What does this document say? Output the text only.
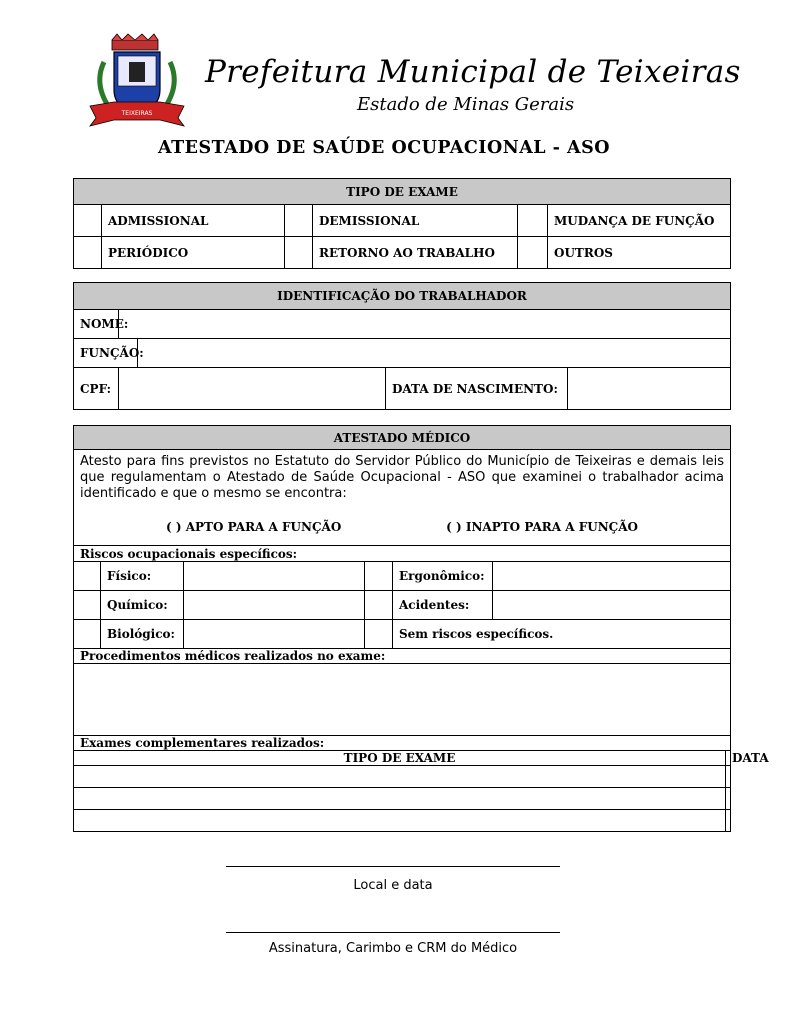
TEIXEIRAS
Prefeitura Municipal de Teixeiras
Estado de Minas Gerais
ATESTADO DE SAÚDE OCUPACIONAL - ASO
TIPO DE EXAME					
	ADMISSIONAL		DEMISSIONAL		MUDANÇA DE FUNÇÃO
	PERIÓDICO		RETORNO AO TRABALHO		OUTROS
IDENTIFICAÇÃO DO TRABALHADOR				
NOME:				
FUNÇÃO:				
CPF:			DATA DE NASCIMENTO:	
ATESTADO MÉDICO						

Atesto para fins previstos no Estatuto do Servidor Público do Município de Teixeiras e demais leis que regulamentam o Atestado de Saúde Ocupacional - ASO que examinei o trabalhador acima identificado e que o mesmo se encontra:
( ) APTO PARA A FUNÇÃO ( ) INAPTO PARA A FUNÇÃO						

Riscos ocupacionais específicos:						
	Físico:			Ergonômico:		
	Químico:			Acidentes:		
	Biológico:			Sem riscos específicos.		
Procedimentos médicos realizados no exame:						

Exames complementares realizados:						
TIPO DE EXAME						DATA

Local e data
Assinatura, Carimbo e CRM do Médico
